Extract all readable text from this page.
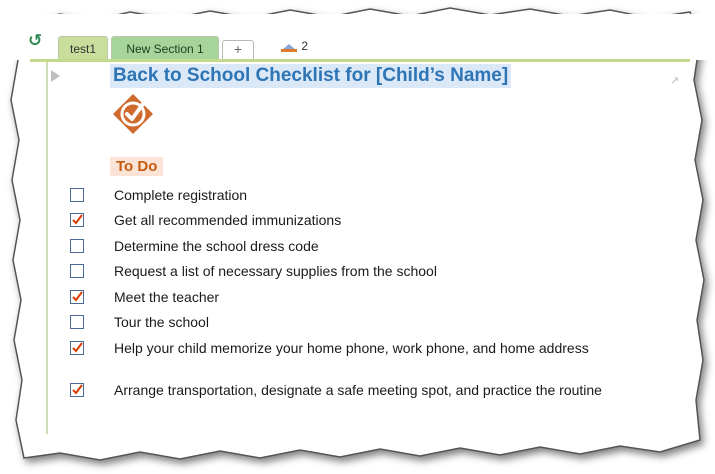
↺	test1	New Section 1	+	2
↗
Back to School Checklist for [Child’s Name]
To Do
Complete registration
Get all recommended immunizations
Determine the school dress code
Request a list of necessary supplies from the school
Meet the teacher
Tour the school
Help your child memorize your home phone, work phone, and home address
Arrange transportation, designate a safe meeting spot, and practice the routine
